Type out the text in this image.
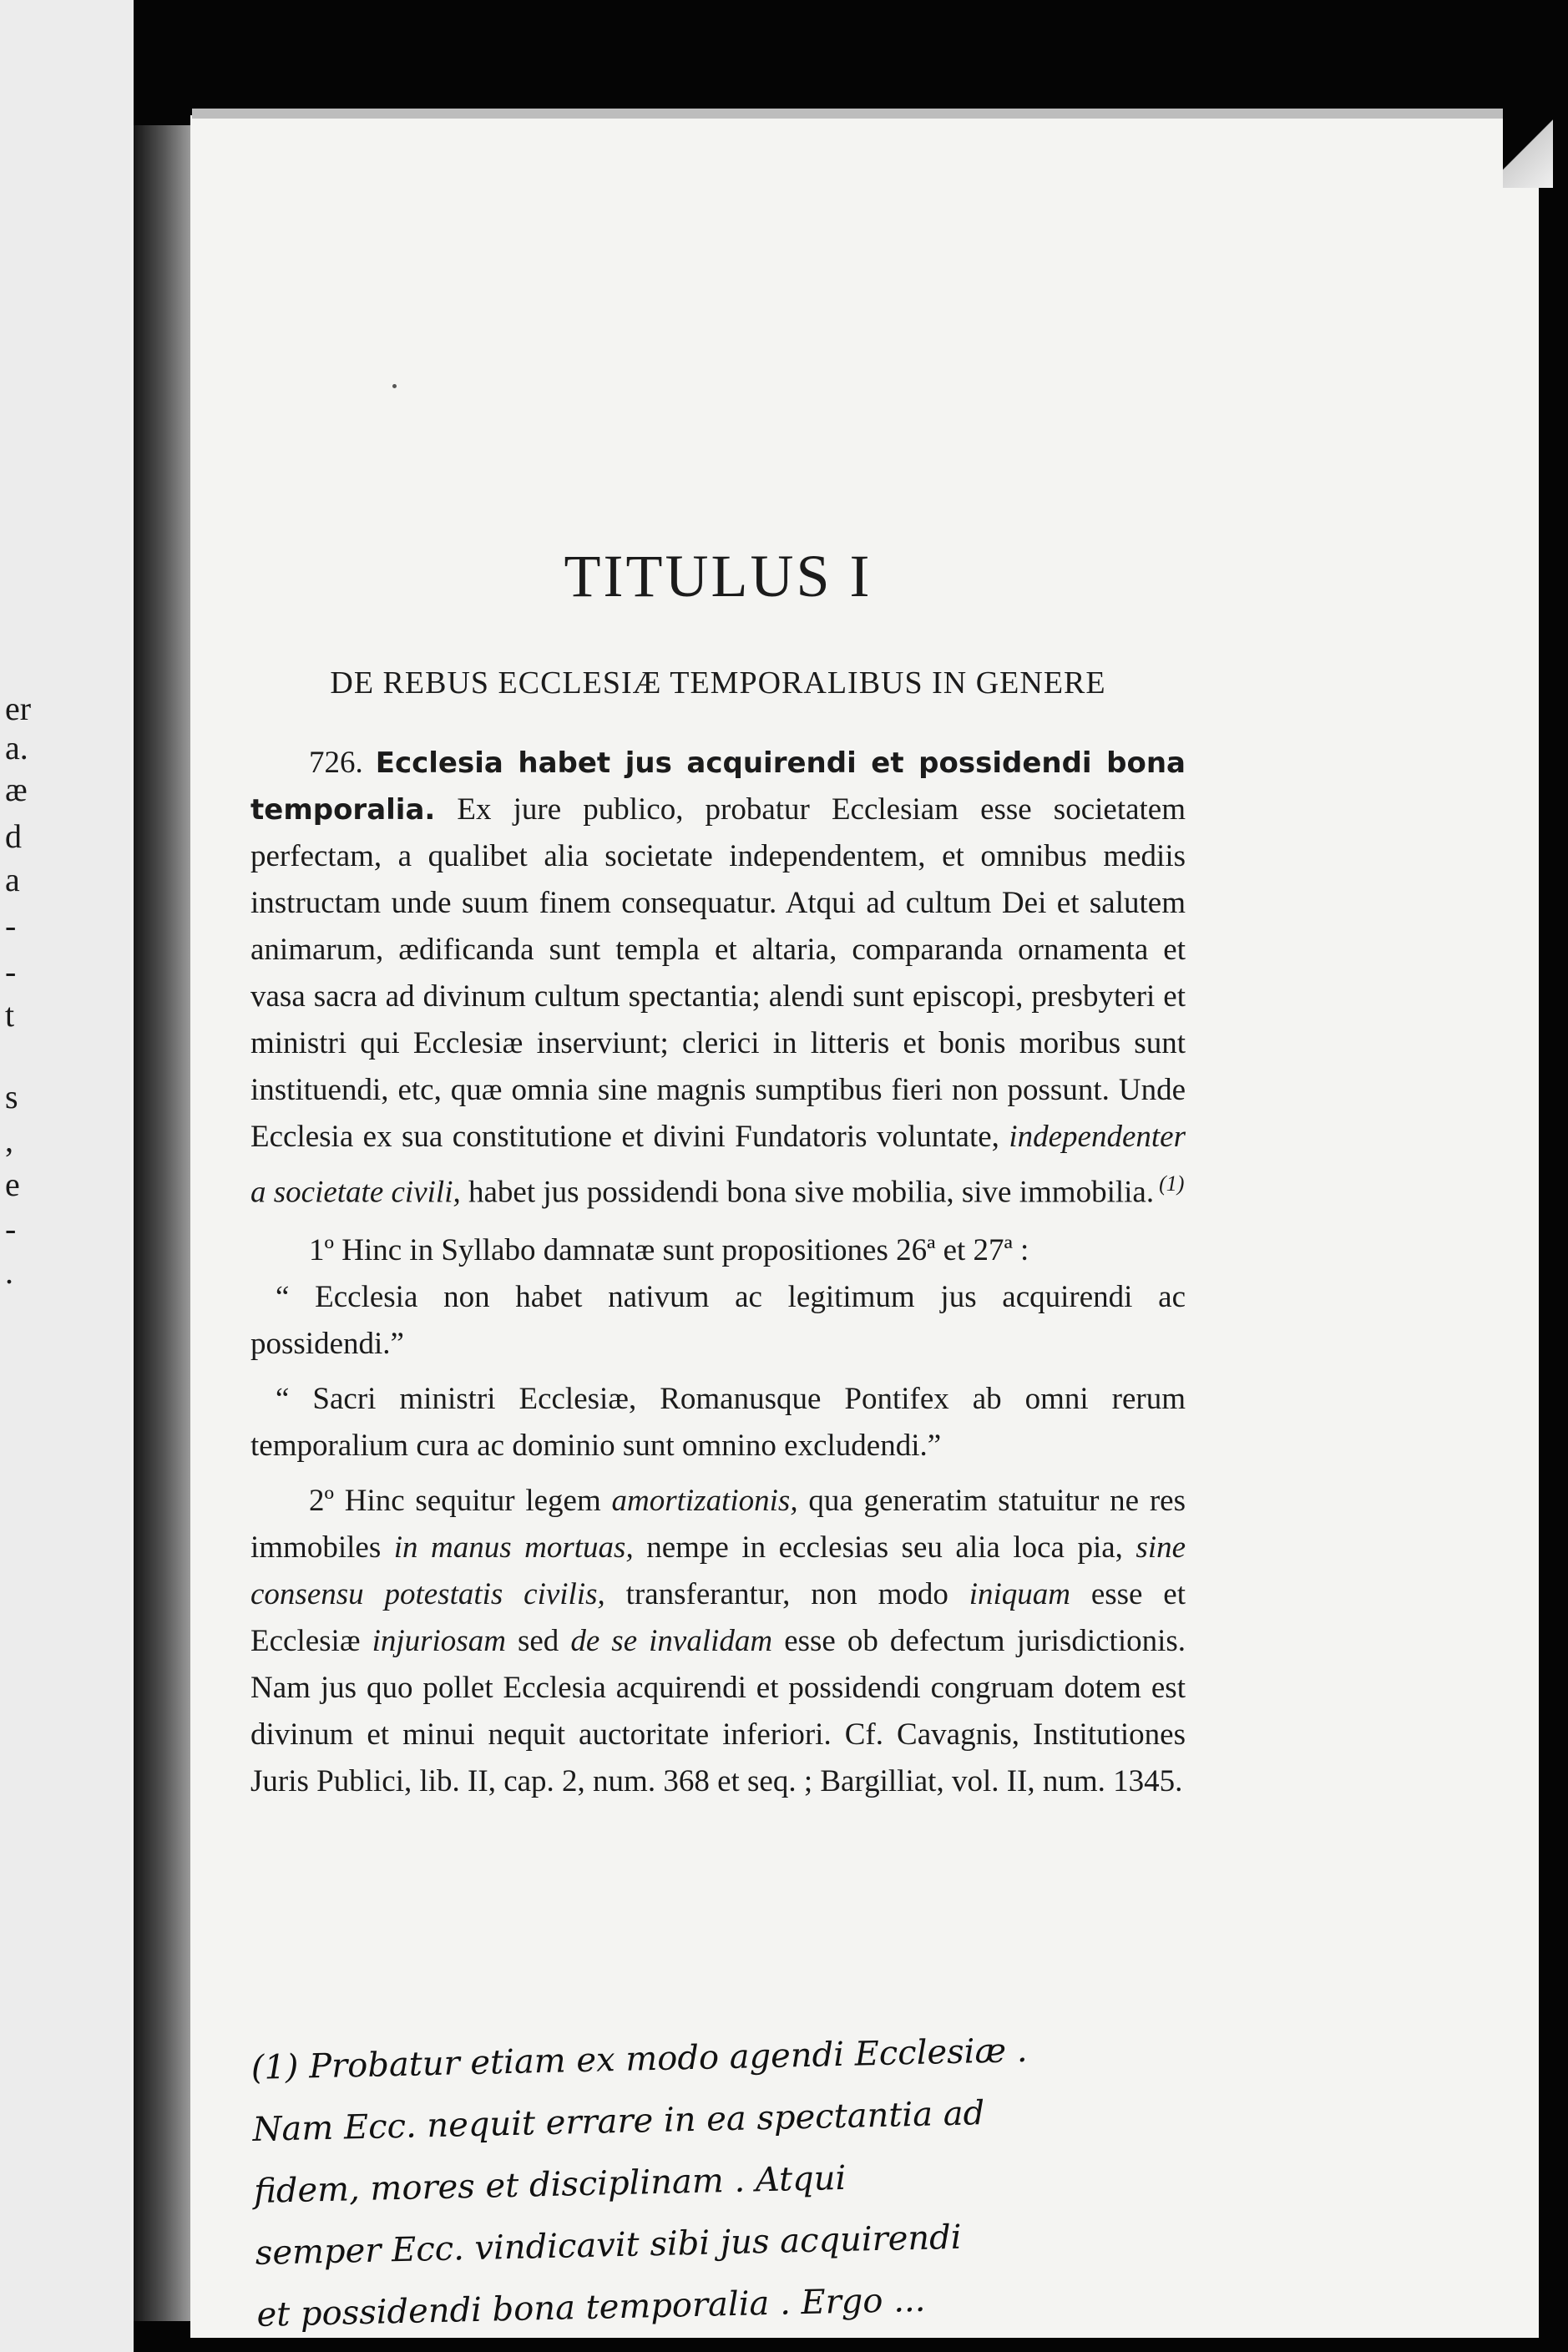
er
a.
æ
d
a
-
-
t
s
,
e
-
.
TITULUS I
DE REBUS ECCLESIÆ TEMPORALIBUS IN GENERE

726. Ecclesia habet jus acquirendi et possidendi bona temporalia. Ex jure publico, probatur Ecclesiam esse societatem perfectam, a qualibet alia societate independentem, et omnibus mediis instructam unde suum finem consequatur. Atqui ad cultum Dei et salutem animarum, ædificanda sunt templa et altaria, comparanda ornamenta et vasa sacra ad divinum cultum spectantia; alendi sunt episcopi, presbyteri et ministri qui Ecclesiæ inserviunt; clerici in litteris et bonis moribus sunt instituendi, etc, quæ omnia sine magnis sumptibus fieri non possunt. Unde Ecclesia ex sua constitutione et divini Fundatoris voluntate, independenter a societate civili, habet jus possidendi bona sive mobilia, sive immobilia. $^{(1)}$

1º Hinc in Syllabo damnatæ sunt propositiones 26ª et 27ª :

“ Ecclesia non habet nativum ac legitimum jus acquirendi ac possidendi.”

“ Sacri ministri Ecclesiæ, Romanusque Pontifex ab omni rerum temporalium cura ac dominio sunt omnino excludendi.”

2º Hinc sequitur legem amortizationis, qua generatim statuitur ne res immobiles in manus mortuas, nempe in ecclesias seu alia loca pia, sine consensu potestatis civilis, transferantur, non modo iniquam esse et Ecclesiæ injuriosam sed de se invalidam esse ob defectum jurisdictionis. Nam jus quo pollet Ecclesia acquirendi et possidendi congruam dotem est divinum et minui nequit auctoritate inferiori. Cf. Cavagnis, Institutiones Juris Publici, lib. II, cap. 2, num. 368 et seq. ; Bargilliat, vol. II, num. 1345.

(1) Probatur etiam ex modo agendi Ecclesiæ .
Nam Ecc. nequit errare in ea spectantia ad
fidem, mores et disciplinam . Atqui
semper Ecc. vindicavit sibi jus acquirendi
et possidendi bona temporalia . Ergo ...
